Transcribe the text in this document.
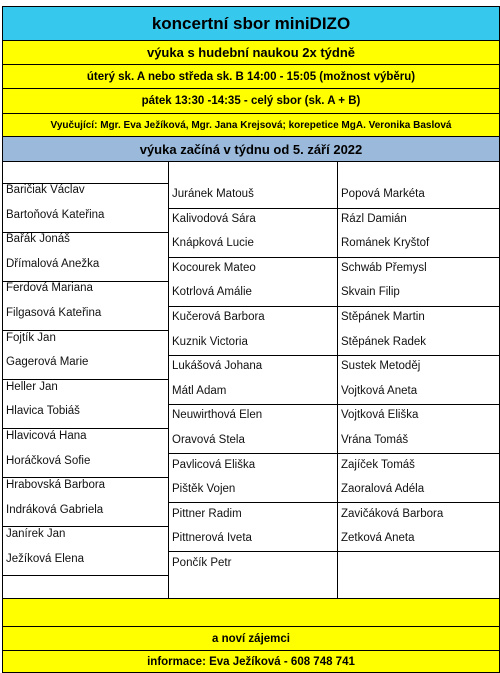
koncertní sbor miniDIZO
výuka s hudební naukou 2x týdně
úterý sk. A nebo středa sk. B 14:00 - 15:05 (možnost výběru)
pátek 13:30 -14:35 - celý sbor (sk. A + B)
Vyučující: Mgr. Eva Ježíková, Mgr. Jana Krejsová; korepetice MgA. Veronika Baslová
výuka začíná v týdnu od 5. září 2022
Baričiak Václav
Bartoňová Kateřina
Bařák Jonáš
Dřímalová Anežka
Ferdová Mariana
Filgasová Kateřina
Fojtík Jan
Gagerová Marie
Heller Jan
Hlavica Tobiáš
Hlavicová Hana
Horáčková Sofie
Hrabovská Barbora
Indráková Gabriela
Janírek Jan
Ježíková Elena
Juránek Matouš
Kalivodová Sára
Knápková Lucie
Kocourek Mateo
Kotrlová Amálie
Kučerová Barbora
Kuznik Victoria
Lukášová Johana
Mátl Adam
Neuwirthová Elen
Oravová Stela
Pavlicová Eliška
Pištěk Vojen
Pittner Radim
Pittnerová Iveta
Pončík Petr
Popová Markéta
Rázl Damián
Románek Kryštof
Schwáb Přemysl
Škvain Filip
Štěpánek Martin
Štěpánek Radek
Šustek Metoděj
Vojtková Aneta
Vojtková Eliška
Vrána Tomáš
Zajíček Tomáš
Zaoralová Adéla
Zavičáková Barbora
Zetková Aneta
a noví zájemci
informace: Eva Ježíková - 608 748 741
